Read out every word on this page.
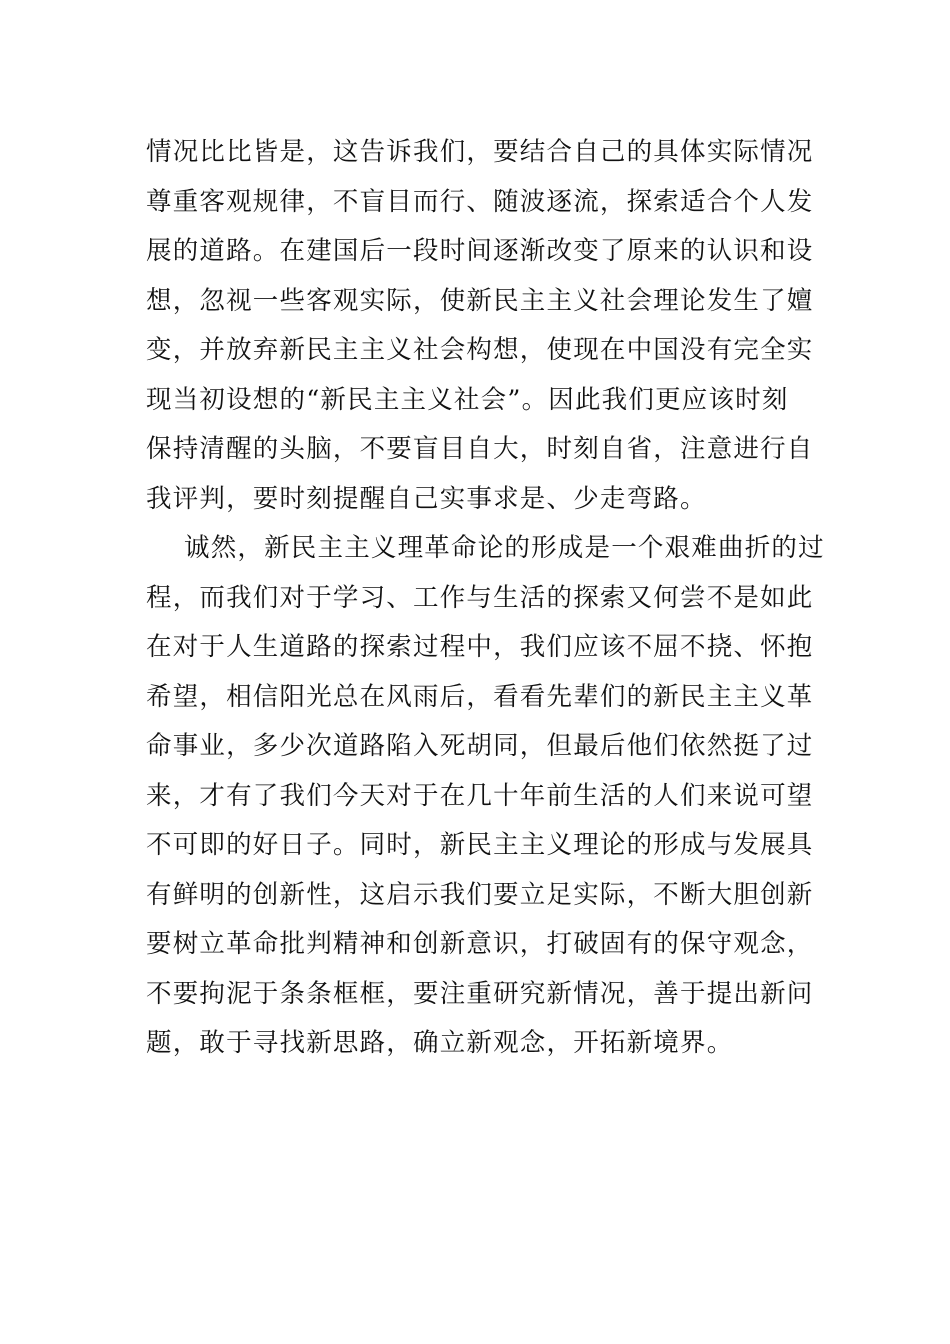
情况比比皆是，这告诉我们，要结合自己的具体实际情况
尊重客观规律，不盲目而行、随波逐流，探索适合个人发
展的道路。在建国后一段时间逐渐改变了原来的认识和设
想，忽视一些客观实际，使新民主主义社会理论发生了嬗
变，并放弃新民主主义社会构想，使现在中国没有完全实
现当初设想的“新民主主义社会”。因此我们更应该时刻
保持清醒的头脑，不要盲目自大，时刻自省，注意进行自
我评判，要时刻提醒自己实事求是、少走弯路。
诚然，新民主主义理革命论的形成是一个艰难曲折的过
程，而我们对于学习、工作与生活的探索又何尝不是如此
在对于人生道路的探索过程中，我们应该不屈不挠、怀抱
希望，相信阳光总在风雨后，看看先辈们的新民主主义革
命事业，多少次道路陷入死胡同，但最后他们依然挺了过
来，才有了我们今天对于在几十年前生活的人们来说可望
不可即的好日子。同时，新民主主义理论的形成与发展具
有鲜明的创新性，这启示我们要立足实际，不断大胆创新
要树立革命批判精神和创新意识，打破固有的保守观念，
不要拘泥于条条框框，要注重研究新情况，善于提出新问
题，敢于寻找新思路，确立新观念，开拓新境界。
